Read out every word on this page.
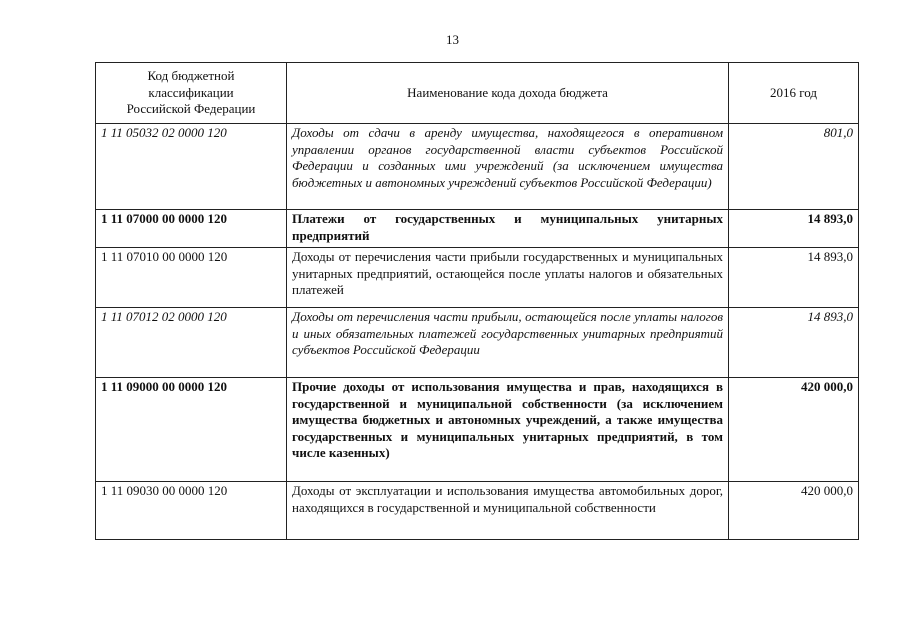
13
Код бюджетной
классификации
Российской Федерации	Наименование кода дохода бюджета	2016 год
1 11 05032 02 0000 120	Доходы от сдачи в аренду имущества, находящегося в оперативном управлении органов государственной власти субъектов Российской Федерации и созданных ими учреждений (за исключением имущества бюджетных и автономных учреждений субъектов Российской Федерации)	801,0
1 11 07000 00 0000 120	Платежи от государственных и муниципальных унитарных предприятий	14 893,0
1 11 07010 00 0000 120	Доходы от перечисления части прибыли государственных и муниципальных унитарных предприятий, остающейся после уплаты налогов и обязательных платежей	14 893,0
1 11 07012 02 0000 120	Доходы от перечисления части прибыли, остающейся после уплаты налогов и иных обязательных платежей государственных унитарных предприятий субъектов Российской Федерации	14 893,0
1 11 09000 00 0000 120	Прочие доходы от использования имущества и прав, находящихся в государственной и муниципальной собственности (за исключением имущества бюджетных и автономных учреждений, а также имущества государственных и муниципальных унитарных предприятий, в том числе казенных)	420 000,0
1 11 09030 00 0000 120	Доходы от эксплуатации и использования имущества автомобильных дорог, находящихся в государственной и муниципальной собственности	420 000,0
